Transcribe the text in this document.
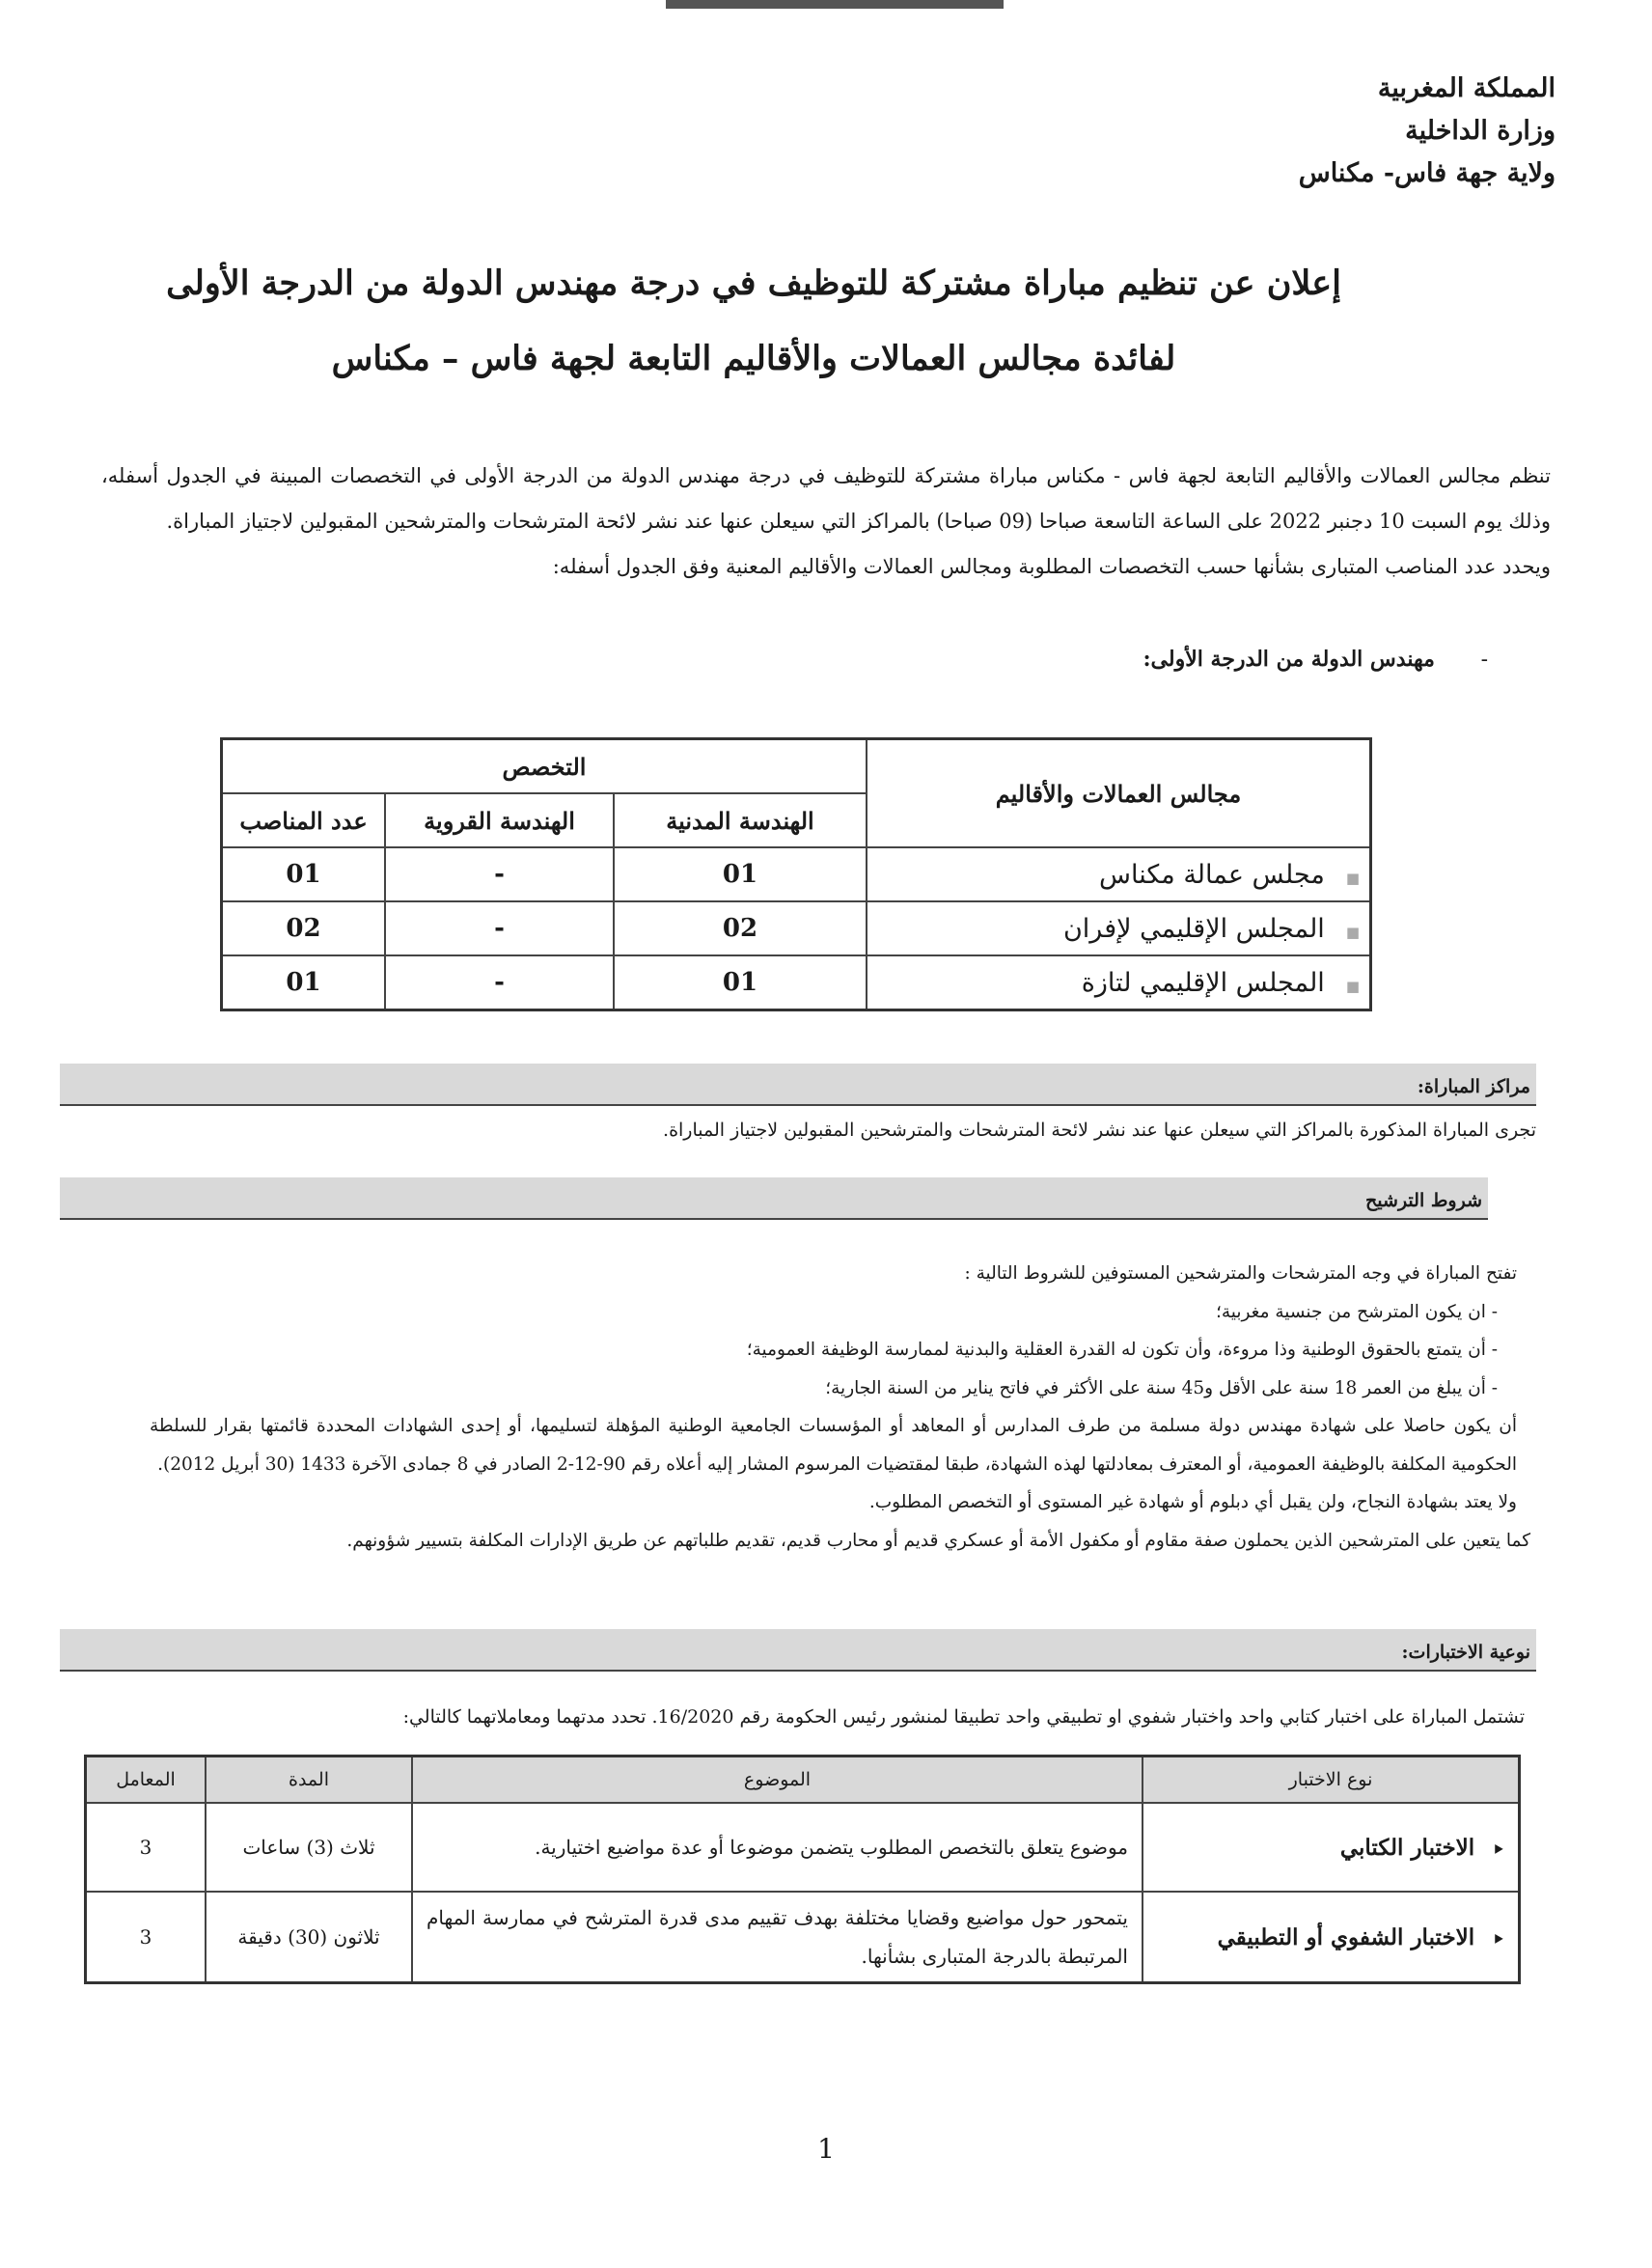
المملكة المغربية
وزارة الداخلية
ولاية جهة فاس- مكناس
إعلان عن تنظيم مباراة مشتركة للتوظيف في درجة مهندس الدولة من الدرجة الأولى
لفائدة مجالس العمالات والأقاليم التابعة لجهة فاس – مكناس

تنظم مجالس العمالات والأقاليم التابعة لجهة فاس - مكناس مباراة مشتركة للتوظيف في درجة مهندس الدولة من الدرجة الأولى في التخصصات المبينة في الجدول أسفله، وذلك يوم السبت 10 دجنبر 2022 على الساعة التاسعة صباحا (09 صباحا) بالمراكز التي سيعلن عنها عند نشر لائحة المترشحات والمترشحين المقبولين لاجتياز المباراة.

ويحدد عدد المناصب المتبارى بشأنها حسب التخصصات المطلوبة ومجالس العمالات والأقاليم المعنية وفق الجدول أسفله:

- مهندس الدولة من الدرجة الأولى:
مجالس العمالات والأقاليم	التخصص		
	الهندسة المدنية	الهندسة القروية	عدد المناصب
■مجلس عمالة مكناس	01	-	01
■المجلس الإقليمي لإفران	02	-	02
■المجلس الإقليمي لتازة	01	-	01
مراكز المباراة:
تجرى المباراة المذكورة بالمراكز التي سيعلن عنها عند نشر لائحة المترشحات والمترشحين المقبولين لاجتياز المباراة.
شروط الترشيح

تفتح المباراة في وجه المترشحات والمترشحين المستوفين للشروط التالية :

- ان يكون المترشح من جنسية مغربية؛

- أن يتمتع بالحقوق الوطنية وذا مروءة، وأن تكون له القدرة العقلية والبدنية لممارسة الوظيفة العمومية؛

- أن يبلغ من العمر 18 سنة على الأقل و45 سنة على الأكثر في فاتح يناير من السنة الجارية؛

أن يكون حاصلا على شهادة مهندس دولة مسلمة من طرف المدارس أو المعاهد أو المؤسسات الجامعية الوطنية المؤهلة لتسليمها، أو إحدى الشهادات المحددة قائمتها بقرار للسلطة الحكومية المكلفة بالوظيفة العمومية، أو المعترف بمعادلتها لهذه الشهادة، طبقا لمقتضيات المرسوم المشار إليه أعلاه رقم 90-12-2 الصادر في 8 جمادى الآخرة 1433 (30 أبريل 2012).

ولا يعتد بشهادة النجاح، ولن يقبل أي دبلوم أو شهادة غير المستوى أو التخصص المطلوب.

كما يتعين على المترشحين الذين يحملون صفة مقاوم أو مكفول الأمة أو عسكري قديم أو محارب قديم، تقديم طلباتهم عن طريق الإدارات المكلفة بتسيير شؤونهم.

نوعية الاختبارات:
تشتمل المباراة على اختبار كتابي واحد واختبار شفوي او تطبيقي واحد تطبيقا لمنشور رئيس الحكومة رقم 16/2020. تحدد مدتهما ومعاملاتهما كالتالي:
نوع الاختبار	الموضوع	المدة	المعامل
⯈الاختبار الكتابي	موضوع يتعلق بالتخصص المطلوب يتضمن موضوعا أو عدة مواضيع اختيارية.	ثلاث (3) ساعات	3
⯈الاختبار الشفوي أو التطبيقي	يتمحور حول مواضيع وقضايا مختلفة بهدف تقييم مدى قدرة المترشح في ممارسة المهام المرتبطة بالدرجة المتبارى بشأنها.	ثلاثون (30) دقيقة	3
1
